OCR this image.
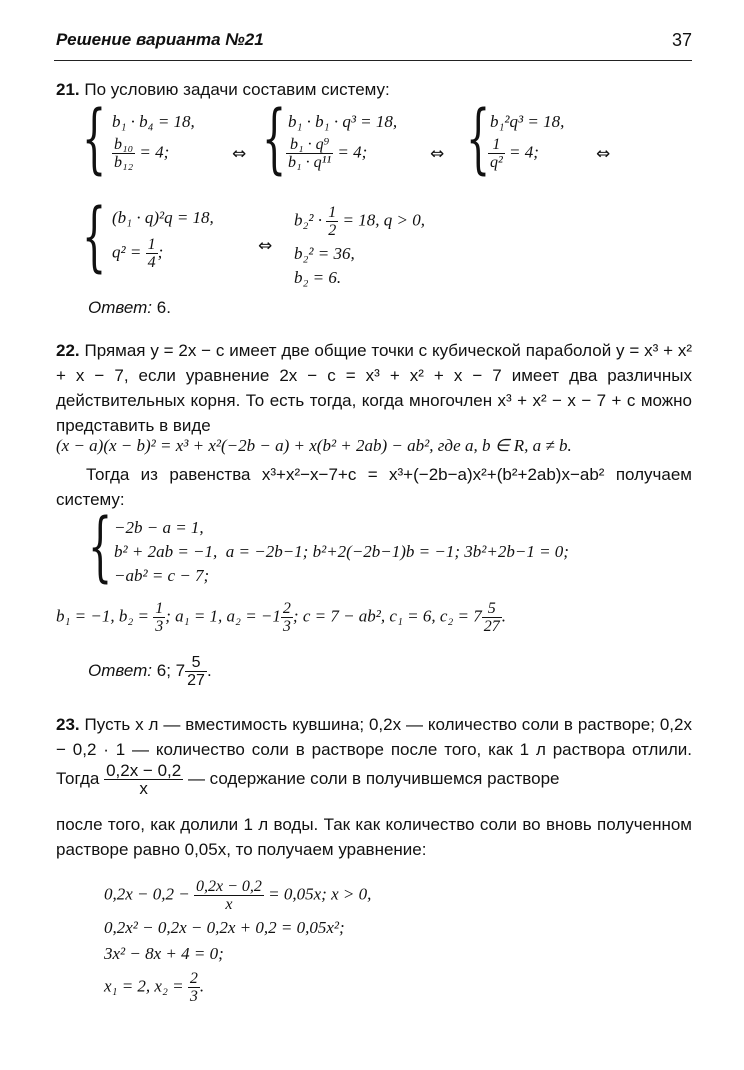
Решение варианта №21	37
21. По условию задачи составим систему:
{ b₁ · b₄ = 18,
$\frac{\text{b₁₀}}{\text{b₁₂}} = 4$;	⇔ { b₁ · b₁ · q³ = 18,
$\frac{\text{b₁ · q⁹}}{\text{b₁ · q¹¹}} = 4$;	⇔ { b₁²q³ = 18,
$\frac{1}{\text{q²}} = 4$;	⇔
{ (b₁ · q)²q = 18,
$q^2 = \frac{1}{4}$ ;	⇔
$b_2^2 \cdot \frac{1}{2} = 18$, q > 0,
b₂² = 36,
b₂ = 6.
Ответ: 6.
22. Прямая y = 2x − c имеет две общие точки с кубической параболой y = x³ + x² + x − 7, если уравнение 2x − c = x³ + x² + x − 7 имеет два различных действительных корня. То есть тогда, когда многочлен x³ + x² − x − 7 + c можно представить в виде
(x − a)(x − b)² = x³ + x²(−2b − a) + x(b² + 2ab) − ab², где a, b ∈ R, a ≠ b.
Тогда из равенства x³+x²−x−7+c = x³+(−2b−a)x²+(b²+2ab)x−ab² получаем систему:
{ −2b − a = 1,
b² + 2ab = −1, a = −2b−1; b²+2(−2b−1)b = −1; 3b²+2b−1 = 0;
−ab² = c − 7;
b₁ = −1, $b_2 = \frac{1}{3}$ ; a₁ = 1, $a_2 = -1 \frac{2}{3}$ ; c = 7 − ab², c₁ = 6, $c_2 = 7 \frac{5}{27}$ .
Ответ: 6; $7 \frac{5}{27}$ .
23. Пусть x л — вместимость кувшина; 0,2x — количество соли в растворе; 0,2x − 0,2 · 1 — количество соли в растворе после того, как 1 л раствора отлили. Тогда $\frac{0,2x - 0,2}{x}$ — содержание соли в получившемся растворе
после того, как долили 1 л воды. Так как количество соли во вновь полученном растворе равно 0,05x, то получаем уравнение:
$0,2x - 0,2 - \frac{0,2x - 0,2}{x} = 0,05x$; x > 0,
0,2x² − 0,2x − 0,2x + 0,2 = 0,05x²;
3x² − 8x + 4 = 0;
x₁ = 2, $x_2 = \frac{2}{3}$ .
